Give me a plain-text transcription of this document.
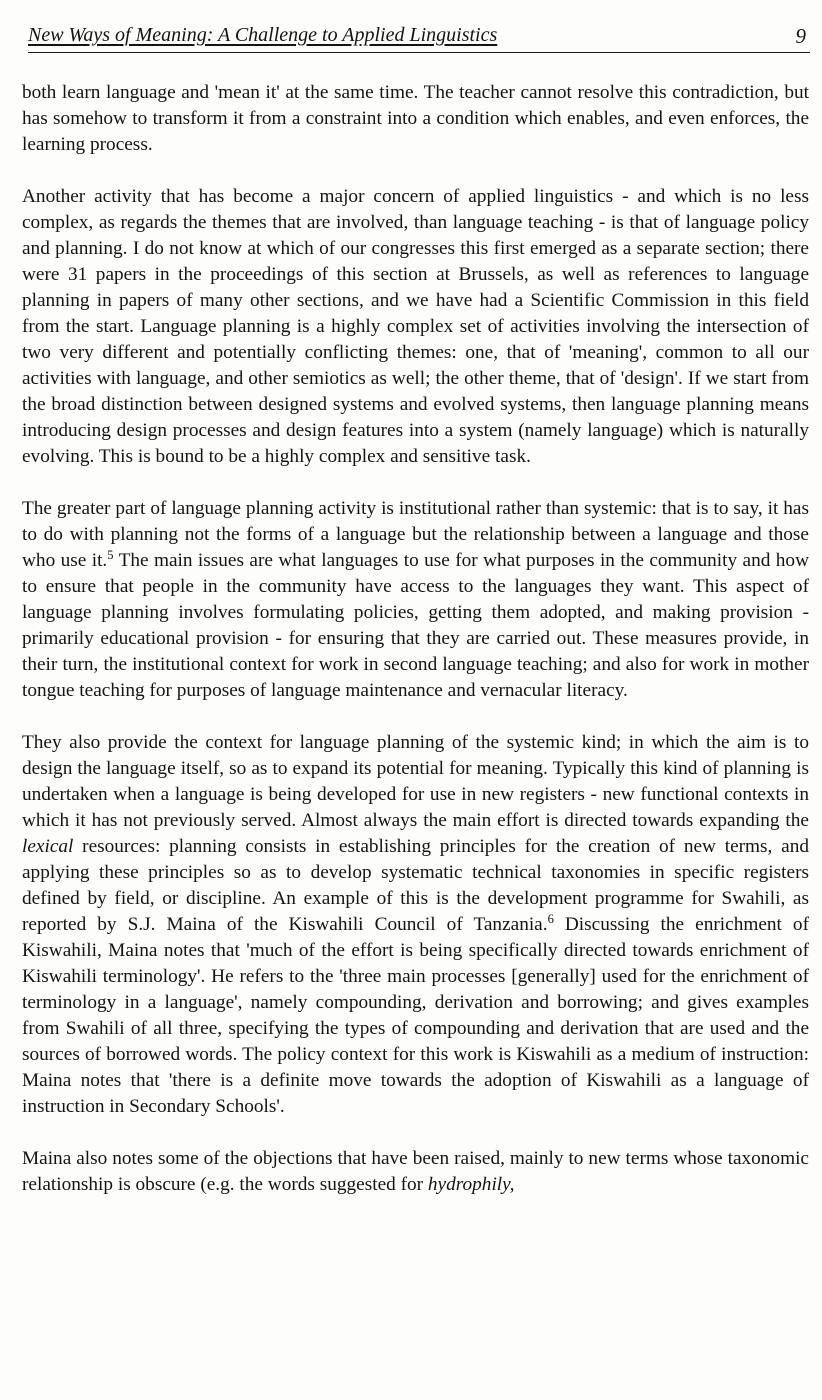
New Ways of Meaning: A Challenge to Applied Linguistics	9

both learn language and 'mean it' at the same time. The teacher cannot resolve this contradiction, but has somehow to transform it from a constraint into a condition which enables, and even enforces, the learning process.

Another activity that has become a major concern of applied linguistics - and which is no less complex, as regards the themes that are involved, than language teaching - is that of language policy and planning. I do not know at which of our congresses this first emerged as a separate section; there were 31 papers in the proceedings of this section at Brussels, as well as references to language planning in papers of many other sections, and we have had a Scientific Commission in this field from the start. Language planning is a highly complex set of activities involving the intersection of two very different and potentially conflicting themes: one, that of 'meaning', common to all our activities with language, and other semiotics as well; the other theme, that of 'design'. If we start from the broad distinction between designed systems and evolved systems, then language planning means introducing design processes and design features into a system (namely language) which is naturally evolving. This is bound to be a highly complex and sensitive task.

The greater part of language planning activity is institutional rather than systemic: that is to say, it has to do with planning not the forms of a language but the relationship between a language and those who use it.$^5$ The main issues are what languages to use for what purposes in the community and how to ensure that people in the community have access to the languages they want. This aspect of language planning involves formulating policies, getting them adopted, and making provision - primarily educational provision - for ensuring that they are carried out. These measures provide, in their turn, the institutional context for work in second language teaching; and also for work in mother tongue teaching for purposes of language maintenance and vernacular literacy.

They also provide the context for language planning of the systemic kind; in which the aim is to design the language itself, so as to expand its potential for meaning. Typically this kind of planning is undertaken when a language is being developed for use in new registers - new functional contexts in which it has not previously served. Almost always the main effort is directed towards expanding the lexical resources: planning consists in establishing principles for the creation of new terms, and applying these principles so as to develop systematic technical taxonomies in specific registers defined by field, or discipline. An example of this is the development programme for Swahili, as reported by S.J. Maina of the Kiswahili Council of Tanzania.$^6$ Discussing the enrichment of Kiswahili, Maina notes that 'much of the effort is being specifically directed towards enrichment of Kiswahili terminology'. He refers to the 'three main processes [generally] used for the enrichment of terminology in a language', namely compounding, derivation and borrowing; and gives examples from Swahili of all three, specifying the types of compounding and derivation that are used and the sources of borrowed words. The policy context for this work is Kiswahili as a medium of instruction: Maina notes that 'there is a definite move towards the adoption of Kiswahili as a language of instruction in Secondary Schools'.

Maina also notes some of the objections that have been raised, mainly to new terms whose taxonomic relationship is obscure (e.g. the words suggested for hydrophily,
